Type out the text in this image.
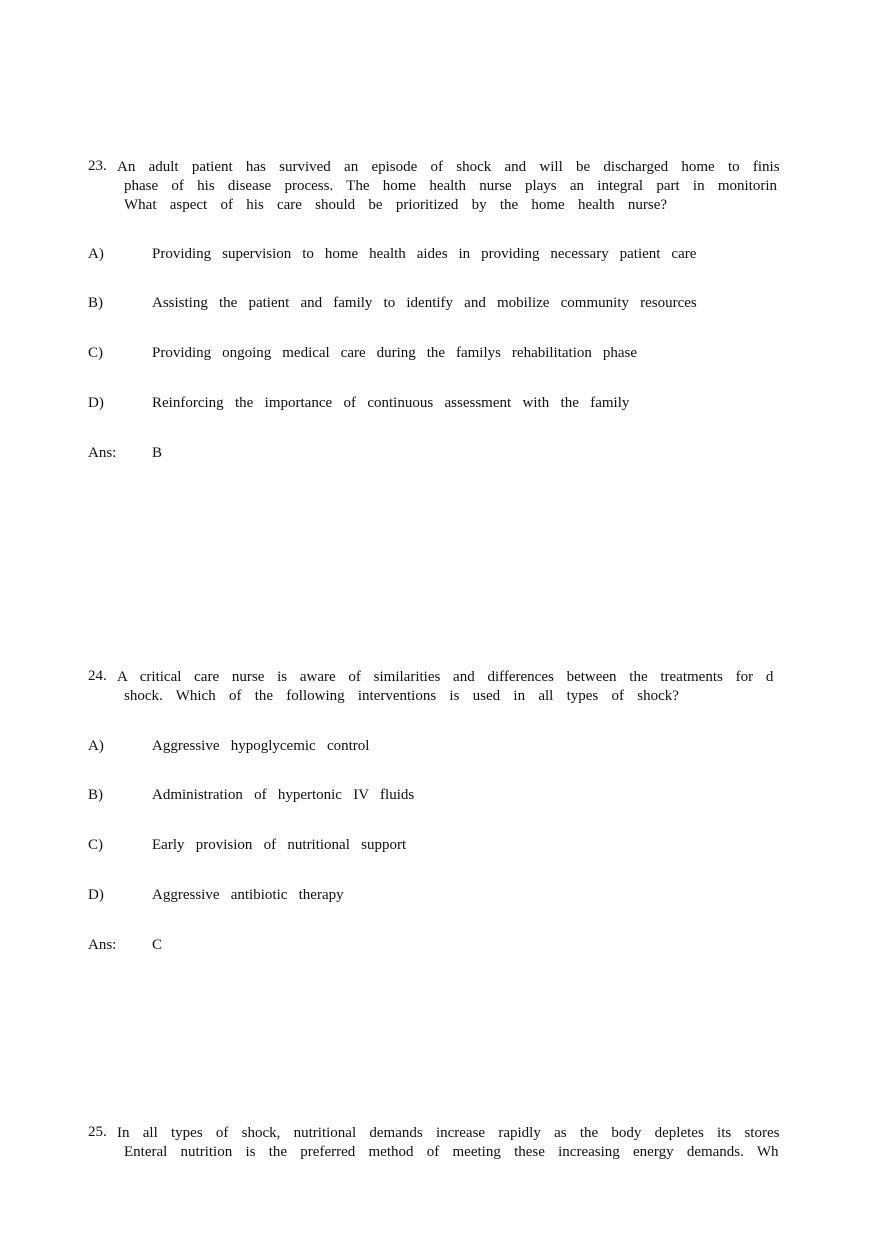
23. An adult patient has survived an episode of shock and will be discharged home to finis
phase of his disease process. The home health nurse plays an integral part in monitorin
What aspect of his care should be prioritized by the home health nurse?
A)	Providing supervision to home health aides in providing necessary patient care
B)	Assisting the patient and family to identify and mobilize community resources
C)	Providing ongoing medical care during the familys rehabilitation phase
D)	Reinforcing the importance of continuous assessment with the family
Ans: B
24. A critical care nurse is aware of similarities and differences between the treatments for d
shock. Which of the following interventions is used in all types of shock?
A)	Aggressive hypoglycemic control
B)	Administration of hypertonic IV fluids
C)	Early provision of nutritional support
D)	Aggressive antibiotic therapy
Ans: C
25. In all types of shock, nutritional demands increase rapidly as the body depletes its stores
Enteral nutrition is the preferred method of meeting these increasing energy demands. Wh
